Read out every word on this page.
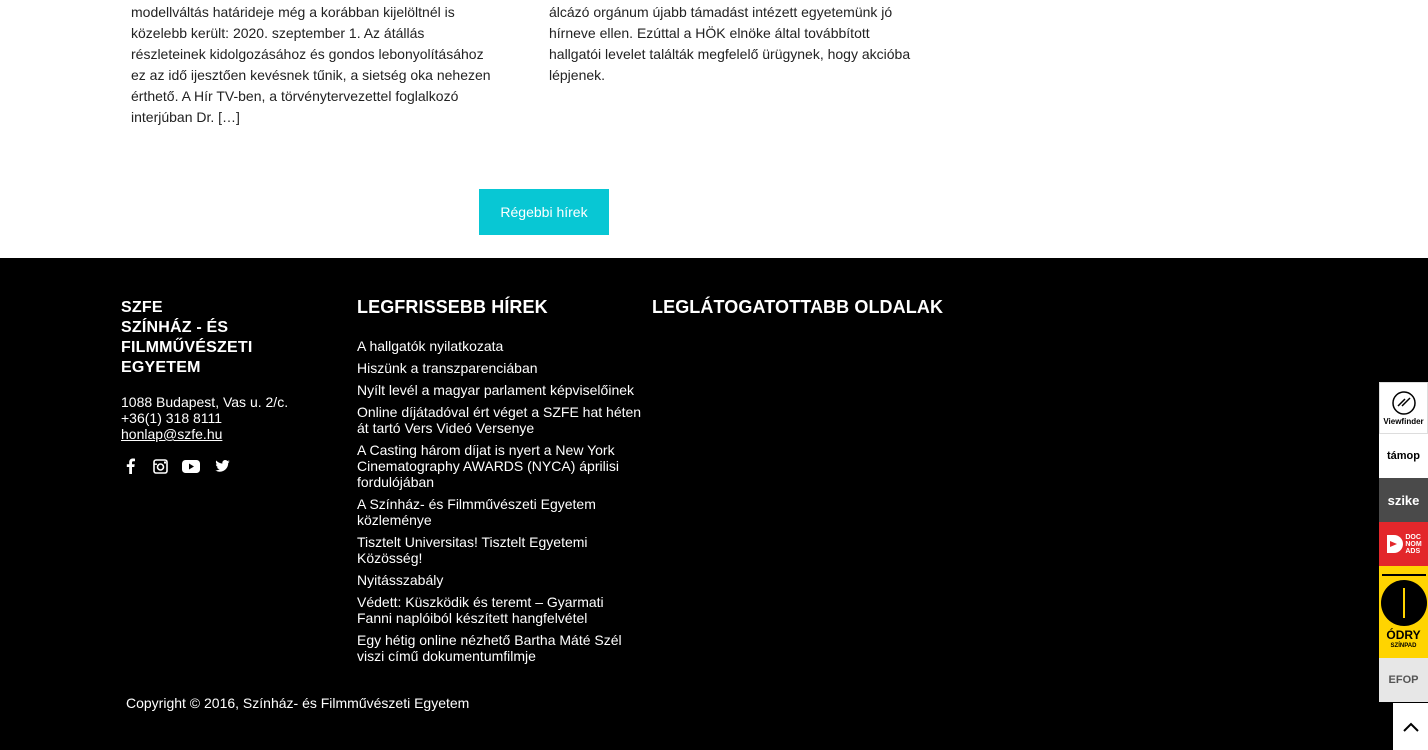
modellváltás határideje még a korábban kijelöltnél is közelebb került: 2020. szeptember 1. Az átállás részleteinek kidolgozásához és gondos lebonyolításához ez az idő ijesztően kevésnek tűnik, a sietség oka nehezen érthető. A Hír TV-ben, a törvénytervezettel foglalkozó interjúban Dr. […]

álcázó orgánum újabb támadást intézett egyetemünk jó hírneve ellen. Ezúttal a HÖK elnöke által továbbított hallgatói levelet találták megfelelő ürügynek, hogy akcióba lépjenek.

Régebbi hírek
SZFE
SZÍNHÁZ - ÉS
FILMMŰVÉSZETI
EGYETEM
1088 Budapest, Vas u. 2/c.
+36(1) 318 8111
honlap@szfe.hu
LEGFRISSEBB HÍREK
A hallgatók nyilatkozata
Hiszünk a transzparenciában
Nyílt levél a magyar parlament képviselőinek
Online díjátadóval ért véget a SZFE hat héten át tartó Vers Videó Versenye
A Casting három díjat is nyert a New York Cinematography AWARDS (NYCA) áprilisi fordulójában
A Színház- és Filmművészeti Egyetem közleménye
Tisztelt Universitas! Tisztelt Egyetemi Közösség!
Nyitásszabály
Védett: Küszködik és teremt – Gyarmati Fanni naplóiból készített hangfelvétel
Egy hétig online nézhető Bartha Máté Szél viszi című dokumentumfilmje
LEGLÁTOGATOTTABB OLDALAK
Copyright © 2016, Színház- és Filmművészeti Egyetem
Viewfinder
támop
szike
DOC
NOM
ADS
ÓDRY
SZÍNPAD
EFOP
